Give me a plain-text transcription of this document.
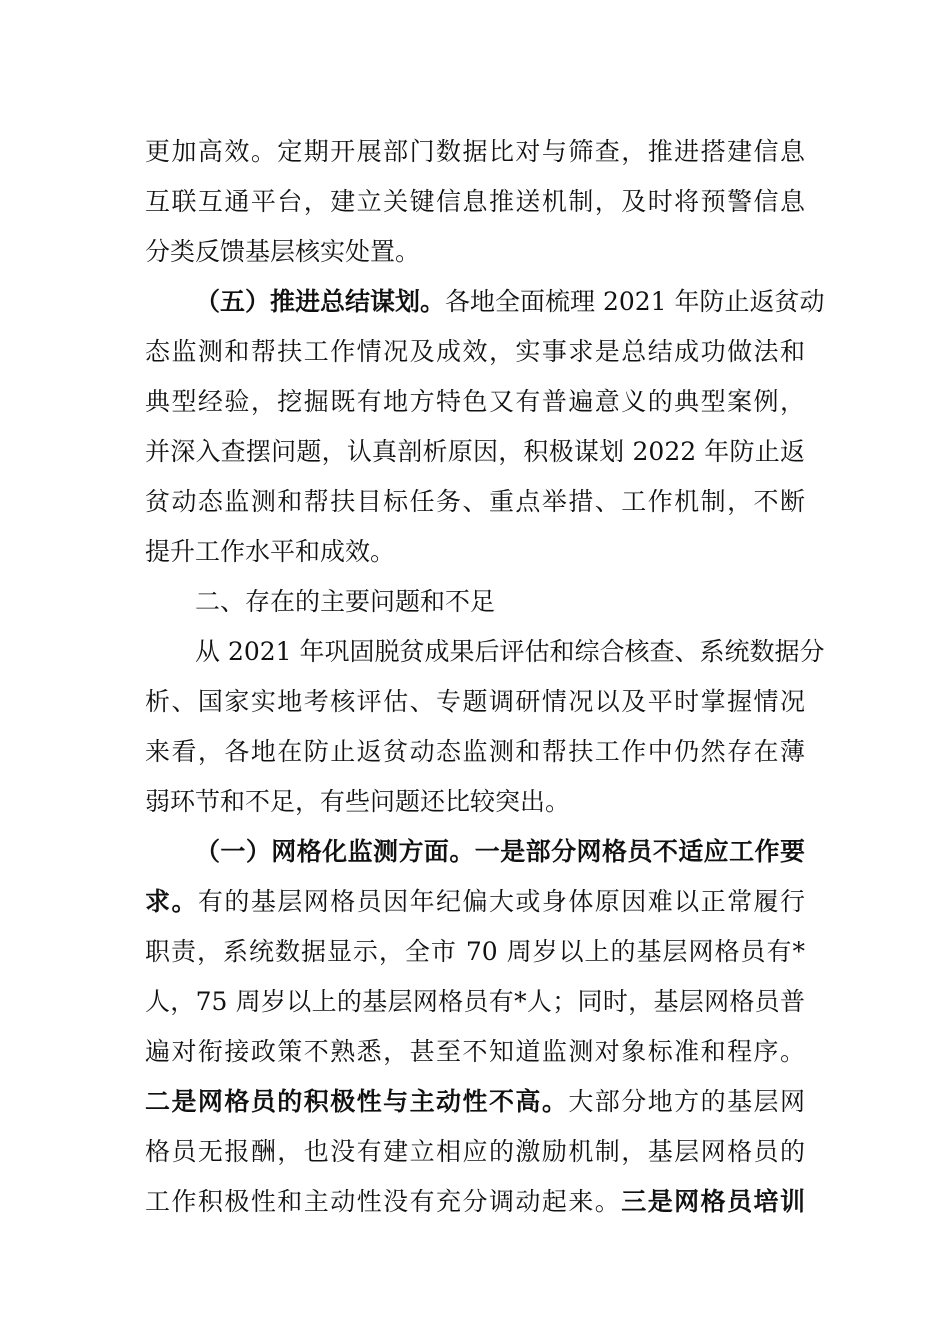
更加高效。定期开展部门数据比对与筛查，推进搭建信息
互联互通平台，建立关键信息推送机制，及时将预警信息
分类反馈基层核实处置。
（五）推进总结谋划。各地全面梳理 2021 年防止返贫动
态监测和帮扶工作情况及成效，实事求是总结成功做法和
典型经验，挖掘既有地方特色又有普遍意义的典型案例，
并深入查摆问题，认真剖析原因，积极谋划 2022 年防止返
贫动态监测和帮扶目标任务、重点举措、工作机制，不断
提升工作水平和成效。
二、存在的主要问题和不足
从 2021 年巩固脱贫成果后评估和综合核查、系统数据分
析、国家实地考核评估、专题调研情况以及平时掌握情况
来看，各地在防止返贫动态监测和帮扶工作中仍然存在薄
弱环节和不足，有些问题还比较突出。
（一）网格化监测方面。一是部分网格员不适应工作要
求。有的基层网格员因年纪偏大或身体原因难以正常履行
职责，系统数据显示，全市 70 周岁以上的基层网格员有*
人，75 周岁以上的基层网格员有*人；同时，基层网格员普
遍对衔接政策不熟悉，甚至不知道监测对象标准和程序。
二是网格员的积极性与主动性不高。大部分地方的基层网
格员无报酬，也没有建立相应的激励机制，基层网格员的
工作积极性和主动性没有充分调动起来。三是网格员培训
